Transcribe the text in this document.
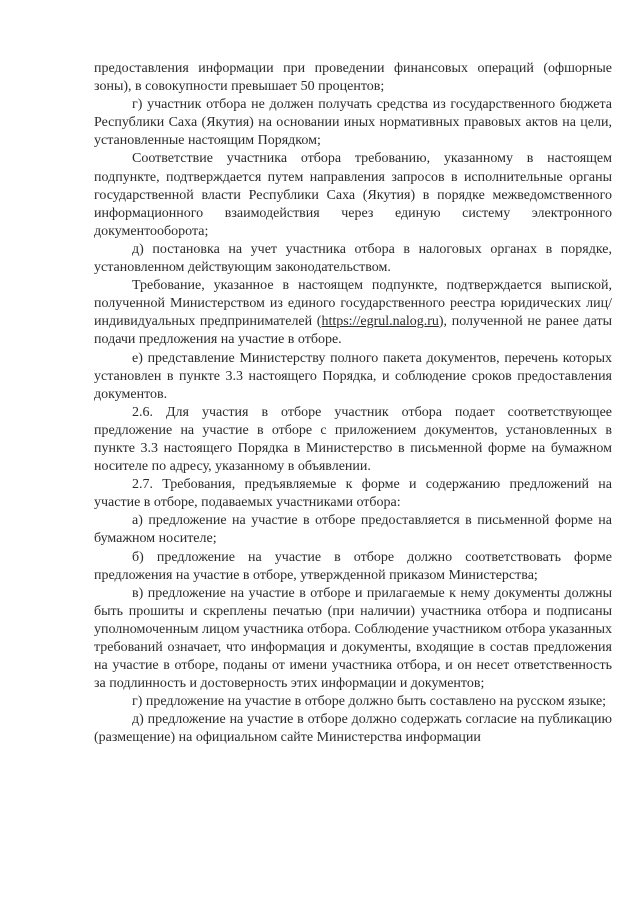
предоставления информации при проведении финансовых операций (офшорные зоны), в совокупности превышает 50 процентов;

г) участник отбора не должен получать средства из государственного бюджета Республики Саха (Якутия) на основании иных нормативных правовых актов на цели, установленные настоящим Порядком;

Соответствие участника отбора требованию, указанному в настоящем подпункте, подтверждается путем направления запросов в исполнительные органы государственной власти Республики Саха (Якутия) в порядке межведомственного информационного взаимодействия через единую систему электронного документооборота;

д) постановка на учет участника отбора в налоговых органах в порядке, установленном действующим законодательством.

Требование, указанное в настоящем подпункте, подтверждается выпиской, полученной Министерством из единого государственного реестра юридических лиц/ индивидуальных предпринимателей (https://egrul.nalog.ru), полученной не ранее даты подачи предложения на участие в отборе.

е) представление Министерству полного пакета документов, перечень которых установлен в пункте 3.3 настоящего Порядка, и соблюдение сроков предоставления документов.

2.6. Для участия в отборе участник отбора подает соответствующее предложение на участие в отборе с приложением документов, установленных в пункте 3.3 настоящего Порядка в Министерство в письменной форме на бумажном носителе по адресу, указанному в объявлении.

2.7. Требования, предъявляемые к форме и содержанию предложений на участие в отборе, подаваемых участниками отбора:

а) предложение на участие в отборе предоставляется в письменной форме на бумажном носителе;

б) предложение на участие в отборе должно соответствовать форме предложения на участие в отборе, утвержденной приказом Министерства;

в) предложение на участие в отборе и прилагаемые к нему документы должны быть прошиты и скреплены печатью (при наличии) участника отбора и подписаны уполномоченным лицом участника отбора. Соблюдение участником отбора указанных требований означает, что информация и документы, входящие в состав предложения на участие в отборе, поданы от имени участника отбора, и он несет ответственность за подлинность и достоверность этих информации и документов;

г) предложение на участие в отборе должно быть составлено на русском языке;

д) предложение на участие в отборе должно содержать согласие на публикацию (размещение) на официальном сайте Министерства информации
